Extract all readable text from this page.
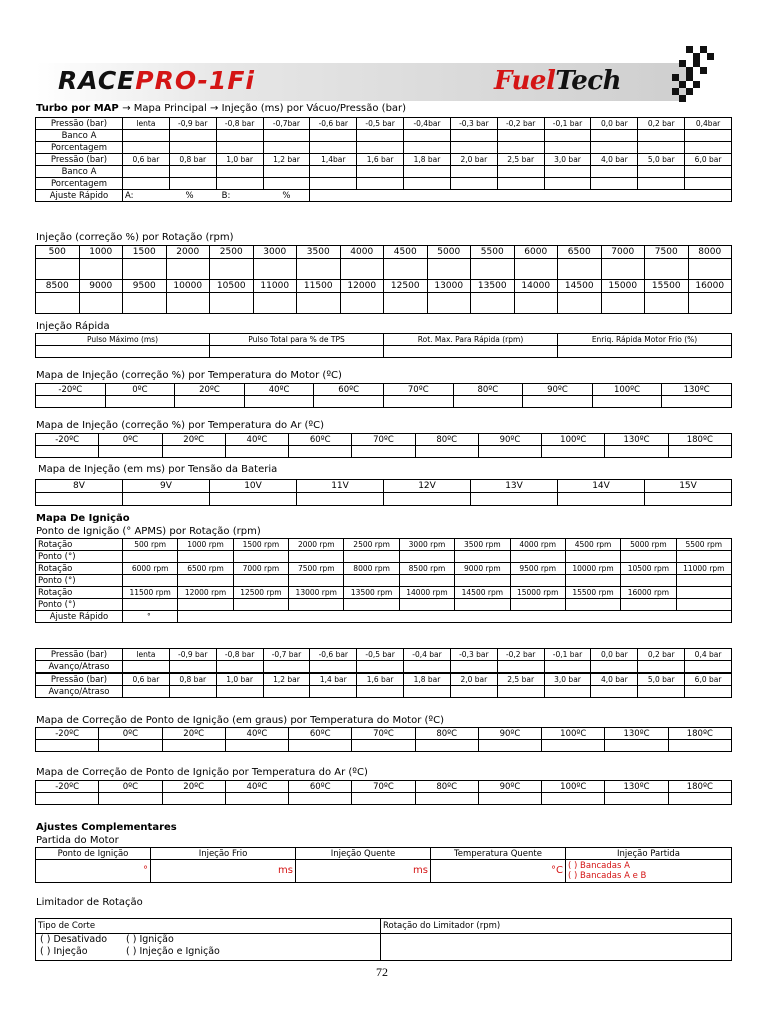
RACEPRO-1Fi	FuelTech
Turbo por MAP → Mapa Principal → Injeção (ms) por Vácuo/Pressão (bar)
Pressão (bar)	lenta	-0,9 bar	-0,8 bar	-0,7bar	-0,6 bar	-0,5 bar	-0,4bar	-0,3 bar	-0,2 bar	-0,1 bar	0,0 bar	0,2 bar	0,4bar
Banco A													
Porcentagem													
Pressão (bar)	0,6 bar	0,8 bar	1,0 bar	1,2 bar	1,4bar	1,6 bar	1,8 bar	2,0 bar	2,5 bar	3,0 bar	4,0 bar	5,0 bar	6,0 bar
Banco A													
Porcentagem													
Ajuste Rápido	A: % B: %												
Injeção (correção %) por Rotação (rpm)
500	1000	1500	2000	2500	3000	3500	4000	4500	5000	5500	6000	6500	7000	7500	8000

8500	9000	9500	10000	10500	11000	11500	12000	12500	13000	13500	14000	14500	15000	15500	16000

Injeção Rápida
Pulso Máximo (ms)	Pulso Total para % de TPS	Rot. Max. Para Rápida (rpm)	Enriq. Rápida Motor Frio (%)

Mapa de Injeção (correção %) por Temperatura do Motor (ºC)
-20ºC	0ºC	20ºC	40ºC	60ºC	70ºC	80ºC	90ºC	100ºC	130ºC

Mapa de Injeção (correção %) por Temperatura do Ar (ºC)
-20ºC	0ºC	20ºC	40ºC	60ºC	70ºC	80ºC	90ºC	100ºC	130ºC	180ºC

Mapa de Injeção (em ms) por Tensão da Bateria
8V	9V	10V	11V	12V	13V	14V	15V

Mapa De Ignição
Ponto de Ignição (° APMS) por Rotação (rpm)
Rotação	500 rpm	1000 rpm	1500 rpm	2000 rpm	2500 rpm	3000 rpm	3500 rpm	4000 rpm	4500 rpm	5000 rpm	5500 rpm
Ponto (°)											
Rotação	6000 rpm	6500 rpm	7000 rpm	7500 rpm	8000 rpm	8500 rpm	9000 rpm	9500 rpm	10000 rpm	10500 rpm	11000 rpm
Ponto (°)											
Rotação	11500 rpm	12000 rpm	12500 rpm	13000 rpm	13500 rpm	14000 rpm	14500 rpm	15000 rpm	15500 rpm	16000 rpm	
Ponto (°)											
Ajuste Rápido	°										
Pressão (bar)	lenta	-0,9 bar	-0,8 bar	-0,7 bar	-0,6 bar	-0,5 bar	-0,4 bar	-0,3 bar	-0,2 bar	-0,1 bar	0,0 bar	0,2 bar	0,4 bar
Avanço/Atraso													
Pressão (bar)	0,6 bar	0,8 bar	1,0 bar	1,2 bar	1,4 bar	1,6 bar	1,8 bar	2,0 bar	2,5 bar	3,0 bar	4,0 bar	5,0 bar	6,0 bar
Avanço/Atraso													
Mapa de Correção de Ponto de Ignição (em graus) por Temperatura do Motor (ºC)
-20ºC	0ºC	20ºC	40ºC	60ºC	70ºC	80ºC	90ºC	100ºC	130ºC	180ºC

Mapa de Correção de Ponto de Ignição por Temperatura do Ar (ºC)
-20ºC	0ºC	20ºC	40ºC	60ºC	70ºC	80ºC	90ºC	100ºC	130ºC	180ºC

Ajustes Complementares
Partida do Motor
Ponto de Ignição	Injeção Frio	Injeção Quente	Temperatura Quente	Injeção Partida
°	ms	ms	°C	( ) Bancadas A
( ) Bancadas A e B
Limitador de Rotação
Tipo de Corte	Rotação do Limitador (rpm)

( ) Desativado ( ) Ignição
( ) Injeção ( ) Injeção e Ignição	

72
